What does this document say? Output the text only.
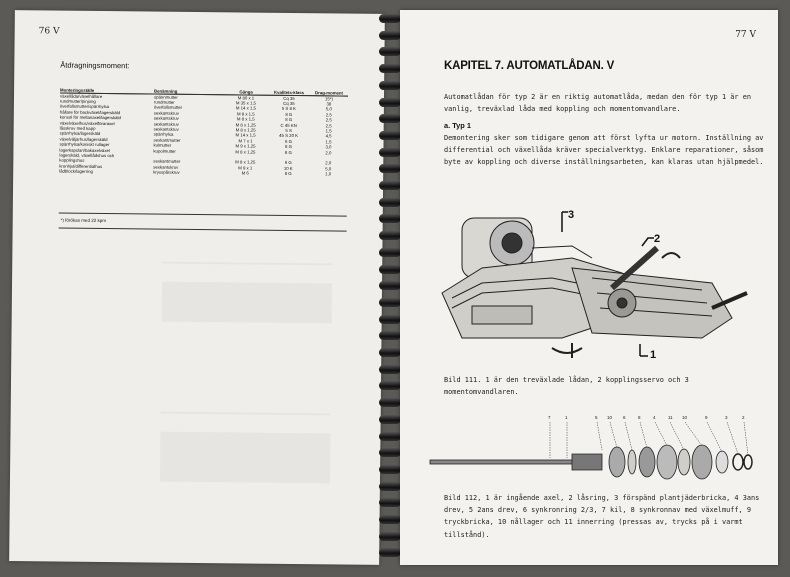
76 V
Åtdragningsmoment:
Monteringsställe	Benämning	Gänga	Kvalitets-klass	Drag-moment
växellåda/växelhållare	spännmutter	M 80 x 1	Cq 35	15*)
rundmutter/pinjong	rundmutter	M 35 x 1,5	Cq 35	38
överfallsmutter/spärrhylsa	överfallsmutter	M 14 x 1,5	5 S 8 K	5,0
hållare för backväxel/lagerskäld	sexkantskruv	M 8 x 1,5	8 G	2,5
konsol för mellanaxel/lagerskäld	sexkantskruv	M 8 x 1,5	8 G	2,5
växelväxelhus/växelföraraxel	sexkantskruv	M 8 x 1,25	C 45 KN	2,5
låsskruv med kapp	sexkantskruv	M 8 x 1,25	5 S	1,5
spärrhylsa/lagerskäld	spärrhylsa	M 14 x 1,5	45 S 20 K	4,5
växelväljarhus/lagerskäld	sexkantmutter	M 7 x 1	6 G	1,5
spärrhylsa/koniskt rullager	kulmutter	M 9 x 1,25	8 G	3,0
lagerkapslan/bakaxelväxel	kupolmutter	M 8 x 1,25	8 G	2,0
lagerskäld, växellådshus och				
kopplingshus	sexkantmutter	M 8 x 1,25	6 G	2,0
kronhjul/differentialhus	sexkantskruv	M 9 x 1	10 K	5,0
lådblock/lagerring	krysspårskruv	M 6	8 G	1,0
*) förökas med 22 kpm
77 V
KAPITEL 7. AUTOMATLÅDAN. V
Automatlådan för typ 2 är en riktig automatlåda, medan den för typ 1 är en vanlig, treväxlad låda med koppling och momentomvandlare.
a. Typ 1
Demontering sker som tidigare genom att först lyfta ur motorn. Inställning av differential och växellåda kräver specialverktyg. Enklare reparationer, såsom byte av koppling och diverse inställningsarbeten, kan klaras utan hjälpmedel.
3
2
1
Bild 111. 1 är den treväxlade lådan, 2 kopplingsservo och 3 momentomvandlaren.
7	1	5 10 6	8	4	11 10	9	3	2
Bild 112, 1 är ingående axel, 2 låsring, 3 förspänd plantjäderbricka, 4 3ans drev, 5 2ans drev, 6 synkronring 2/3, 7 kil, 8 synkronnav med växelmuff, 9 tryckbricka, 10 nållager och 11 innerring (pressas av, trycks på i varmt tillstånd).
